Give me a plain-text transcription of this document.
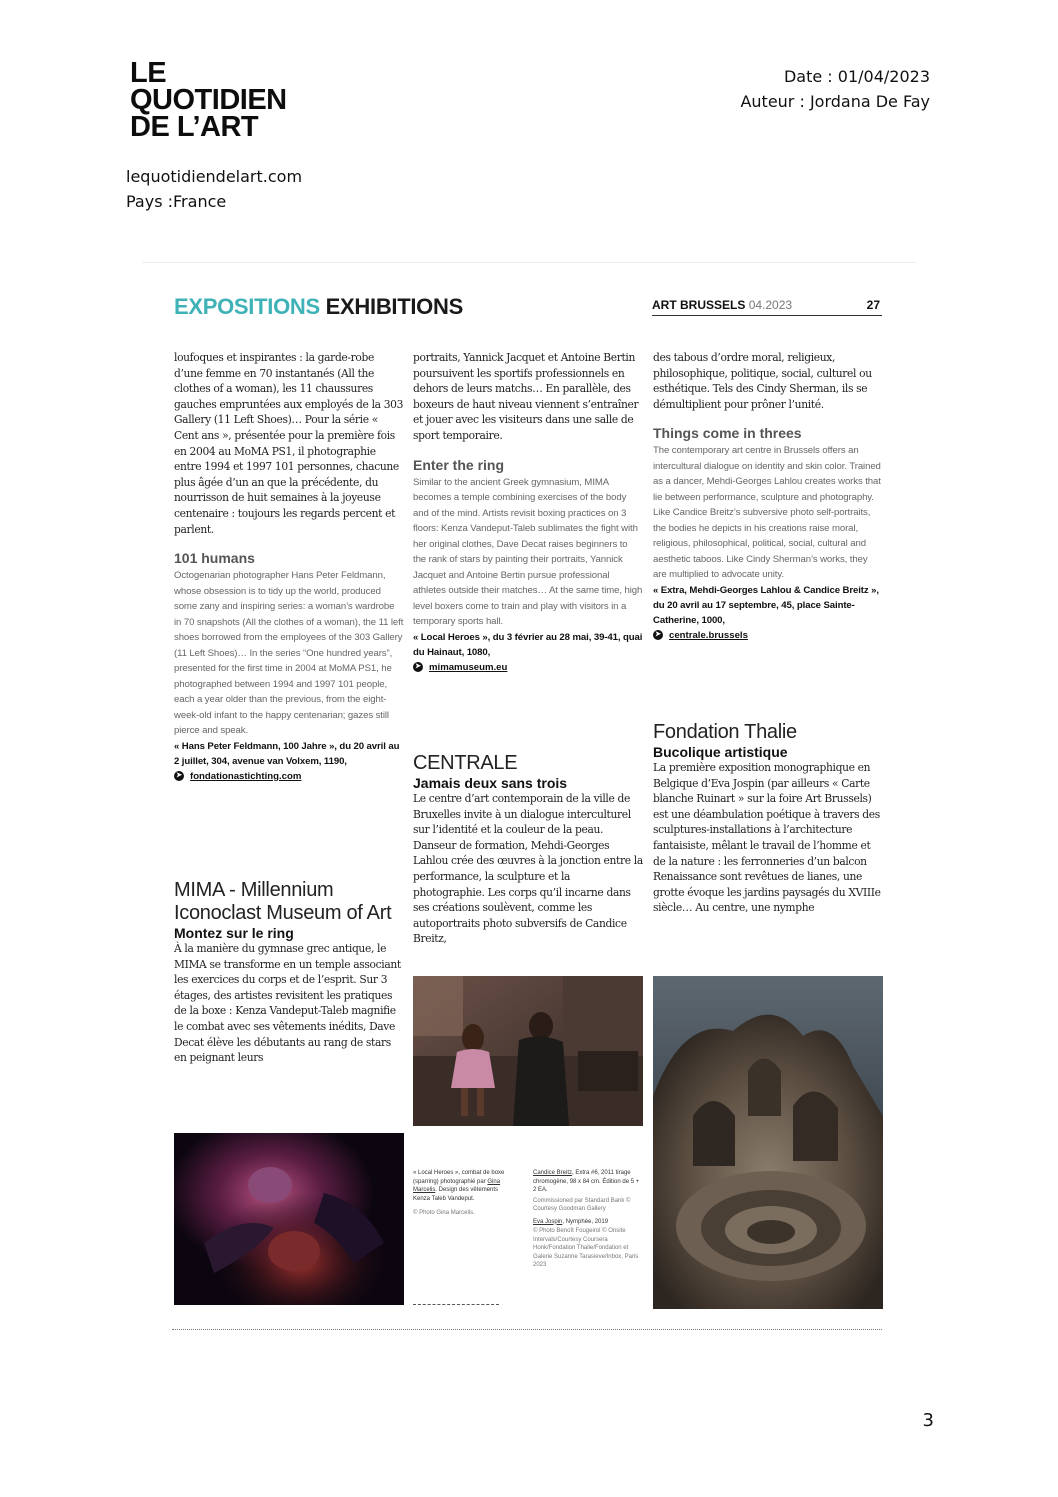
LE
QUOTIDIEN
DE L’ART
lequotidiendelart.com
Pays :France
Date : 01/04/2023
Auteur : Jordana De Fay
EXPOSITIONS EXHIBITIONS	ART BRUSSELS 04.2023	27

loufoques et inspirantes : la garde-robe d’une femme en 70 instantanés (All the clothes of a woman), les 11 chaussures gauches empruntées aux employés de la 303 Gallery (11 Left Shoes)… Pour la série « Cent ans », présentée pour la première fois en 2004 au MoMA PS1, il photographie entre 1994 et 1997 101 personnes, chacune plus âgée d’un an que la précédente, du nourrisson de huit semaines à la joyeuse centenaire : toujours les regards percent et parlent.

101 humans

Octogenarian photographer Hans Peter Feldmann, whose obsession is to tidy up the world, produced some zany and inspiring series: a woman’s wardrobe in 70 snapshots (All the clothes of a woman), the 11 left shoes borrowed from the employees of the 303 Gallery (11 Left Shoes)… In the series “One hundred years”, presented for the first time in 2004 at MoMA PS1, he photographed between 1994 and 1997 101 people, each a year older than the previous, from the eight-week-old infant to the happy centenarian; gazes still pierce and speak.

« Hans Peter Feldmann, 100 Jahre », du 20 avril au 2 juillet, 304, avenue van Volxem, 1190,

➤ fondationastichting.com
MIMA - Millennium Iconoclast Museum of Art
Montez sur le ring

À la manière du gymnase grec antique, le MIMA se transforme en un temple associant les exercices du corps et de l’esprit. Sur 3 étages, des artistes revisitent les pratiques de la boxe : Kenza Vandeput-Taleb magnifie le combat avec ses vêtements inédits, Dave Decat élève les débutants au rang de stars en peignant leurs

portraits, Yannick Jacquet et Antoine Bertin poursuivent les sportifs professionnels en dehors de leurs matchs… En parallèle, des boxeurs de haut niveau viennent s’entraîner et jouer avec les visiteurs dans une salle de sport temporaire.

Enter the ring

Similar to the ancient Greek gymnasium, MIMA becomes a temple combining exercises of the body and of the mind. Artists revisit boxing practices on 3 floors: Kenza Vandeput-Taleb sublimates the fight with her original clothes, Dave Decat raises beginners to the rank of stars by painting their portraits, Yannick Jacquet and Antoine Bertin pursue professional athletes outside their matches… At the same time, high level boxers come to train and play with visitors in a temporary sports hall.

« Local Heroes », du 3 février au 28 mai, 39-41, quai du Hainaut, 1080,

➤ mimamuseum.eu
CENTRALE
Jamais deux sans trois

Le centre d’art contemporain de la ville de Bruxelles invite à un dialogue interculturel sur l’identité et la couleur de la peau. Danseur de formation, Mehdi-Georges Lahlou crée des œuvres à la jonction entre la performance, la sculpture et la photographie. Les corps qu’il incarne dans ses créations soulèvent, comme les autoportraits photo subversifs de Candice Breitz,

des tabous d’ordre moral, religieux, philosophique, politique, social, culturel ou esthétique. Tels des Cindy Sherman, ils se démultiplient pour prôner l’unité.

Things come in threes

The contemporary art centre in Brussels offers an intercultural dialogue on identity and skin color. Trained as a dancer, Mehdi-Georges Lahlou creates works that lie between performance, sculpture and photography. Like Candice Breitz’s subversive photo self-portraits, the bodies he depicts in his creations raise moral, religious, philosophical, political, social, cultural and aesthetic taboos. Like Cindy Sherman’s works, they are multiplied to advocate unity.

« Extra, Mehdi-Georges Lahlou & Candice Breitz », du 20 avril au 17 septembre, 45, place Sainte-Catherine, 1000,

➤ centrale.brussels
Fondation Thalie
Bucolique artistique

La première exposition monographique en Belgique d’Eva Jospin (par ailleurs « Carte blanche Ruinart » sur la foire Art Brussels) est une déambulation poétique à travers des sculptures-installations à l’architecture fantaisiste, mêlant le travail de l’homme et de la nature : les ferronneries d’un balcon Renaissance sont revêtues de lianes, une grotte évoque les jardins paysagés du XVIIIe siècle… Au centre, une nymphe

« Local Heroes », combat de boxe (sparring) photographié par Gina Marcelis. Design des vêtements Kenza Taleb Vandeput.
© Photo Gina Marcelis.
Candice Breitz, Extra #6, 2011 tirage chromogène, 98 x 84 cm. Édition de 5 + 2 EA.
Commissioned par Standard Bank © Courtesy Goodman Gallery
Eva Jospin, Nymphée, 2019
© Photo Benoît Fougeirol © Onsite Intervals/Courtesy Coursera Honk/Fondation Thalie/Fondation et Galerie Suzanne Tarasieve/Inbox, Paris 2023
3
